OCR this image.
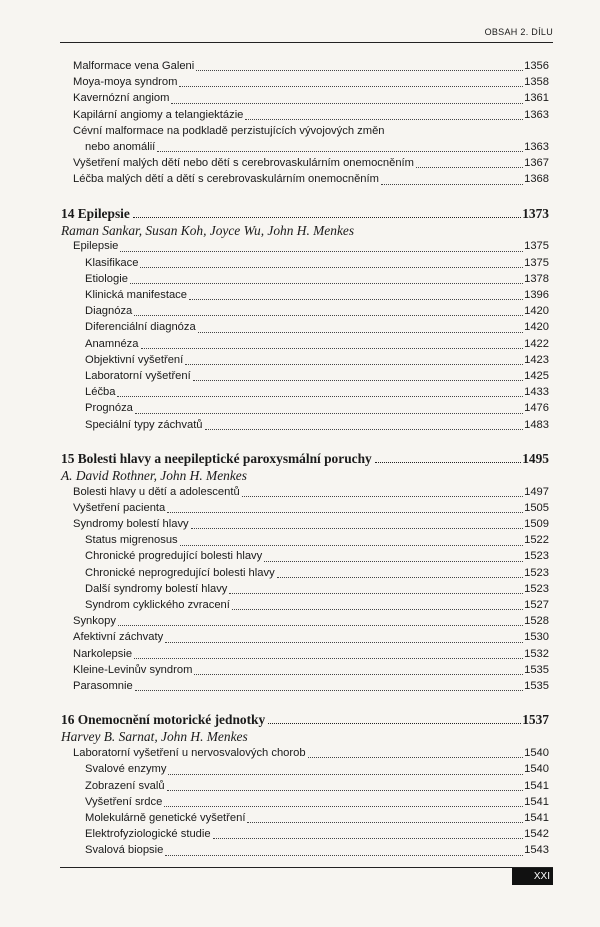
OBSAH 2. DÍLU
Malformace vena Galeni	1356
Moya-moya syndrom	1358
Kavernózní angiom	1361
Kapilární angiomy a telangiektázie	1363
Cévní malformace na podkladě perzistujících vývojových změn
nebo anomálií	1363
Vyšetření malých dětí nebo dětí s cerebrovaskulárním onemocněním	1367
Léčba malých dětí a dětí s cerebrovaskulárním onemocněním	1368
14 Epilepsie	1373
Raman Sankar, Susan Koh, Joyce Wu, John H. Menkes
Epilepsie	1375
Klasifikace	1375
Etiologie	1378
Klinická manifestace	1396
Diagnóza	1420
Diferenciální diagnóza	1420
Anamnéza	1422
Objektivní vyšetření	1423
Laboratorní vyšetření	1425
Léčba	1433
Prognóza	1476
Speciální typy záchvatů	1483
15 Bolesti hlavy a neepileptické paroxysmální poruchy	1495
A. David Rothner, John H. Menkes
Bolesti hlavy u dětí a adolescentů	1497
Vyšetření pacienta	1505
Syndromy bolestí hlavy	1509
Status migrenosus	1522
Chronické progredující bolesti hlavy	1523
Chronické neprogredující bolesti hlavy	1523
Další syndromy bolestí hlavy	1523
Syndrom cyklického zvracení	1527
Synkopy	1528
Afektivní záchvaty	1530
Narkolepsie	1532
Kleine-Levinův syndrom	1535
Parasomnie	1535
16 Onemocnění motorické jednotky	1537
Harvey B. Sarnat, John H. Menkes
Laboratorní vyšetření u nervosvalových chorob	1540
Svalové enzymy	1540
Zobrazení svalů	1541
Vyšetření srdce	1541
Molekulárně genetické vyšetření	1541
Elektrofyziologické studie	1542
Svalová biopsie	1543
XXI
